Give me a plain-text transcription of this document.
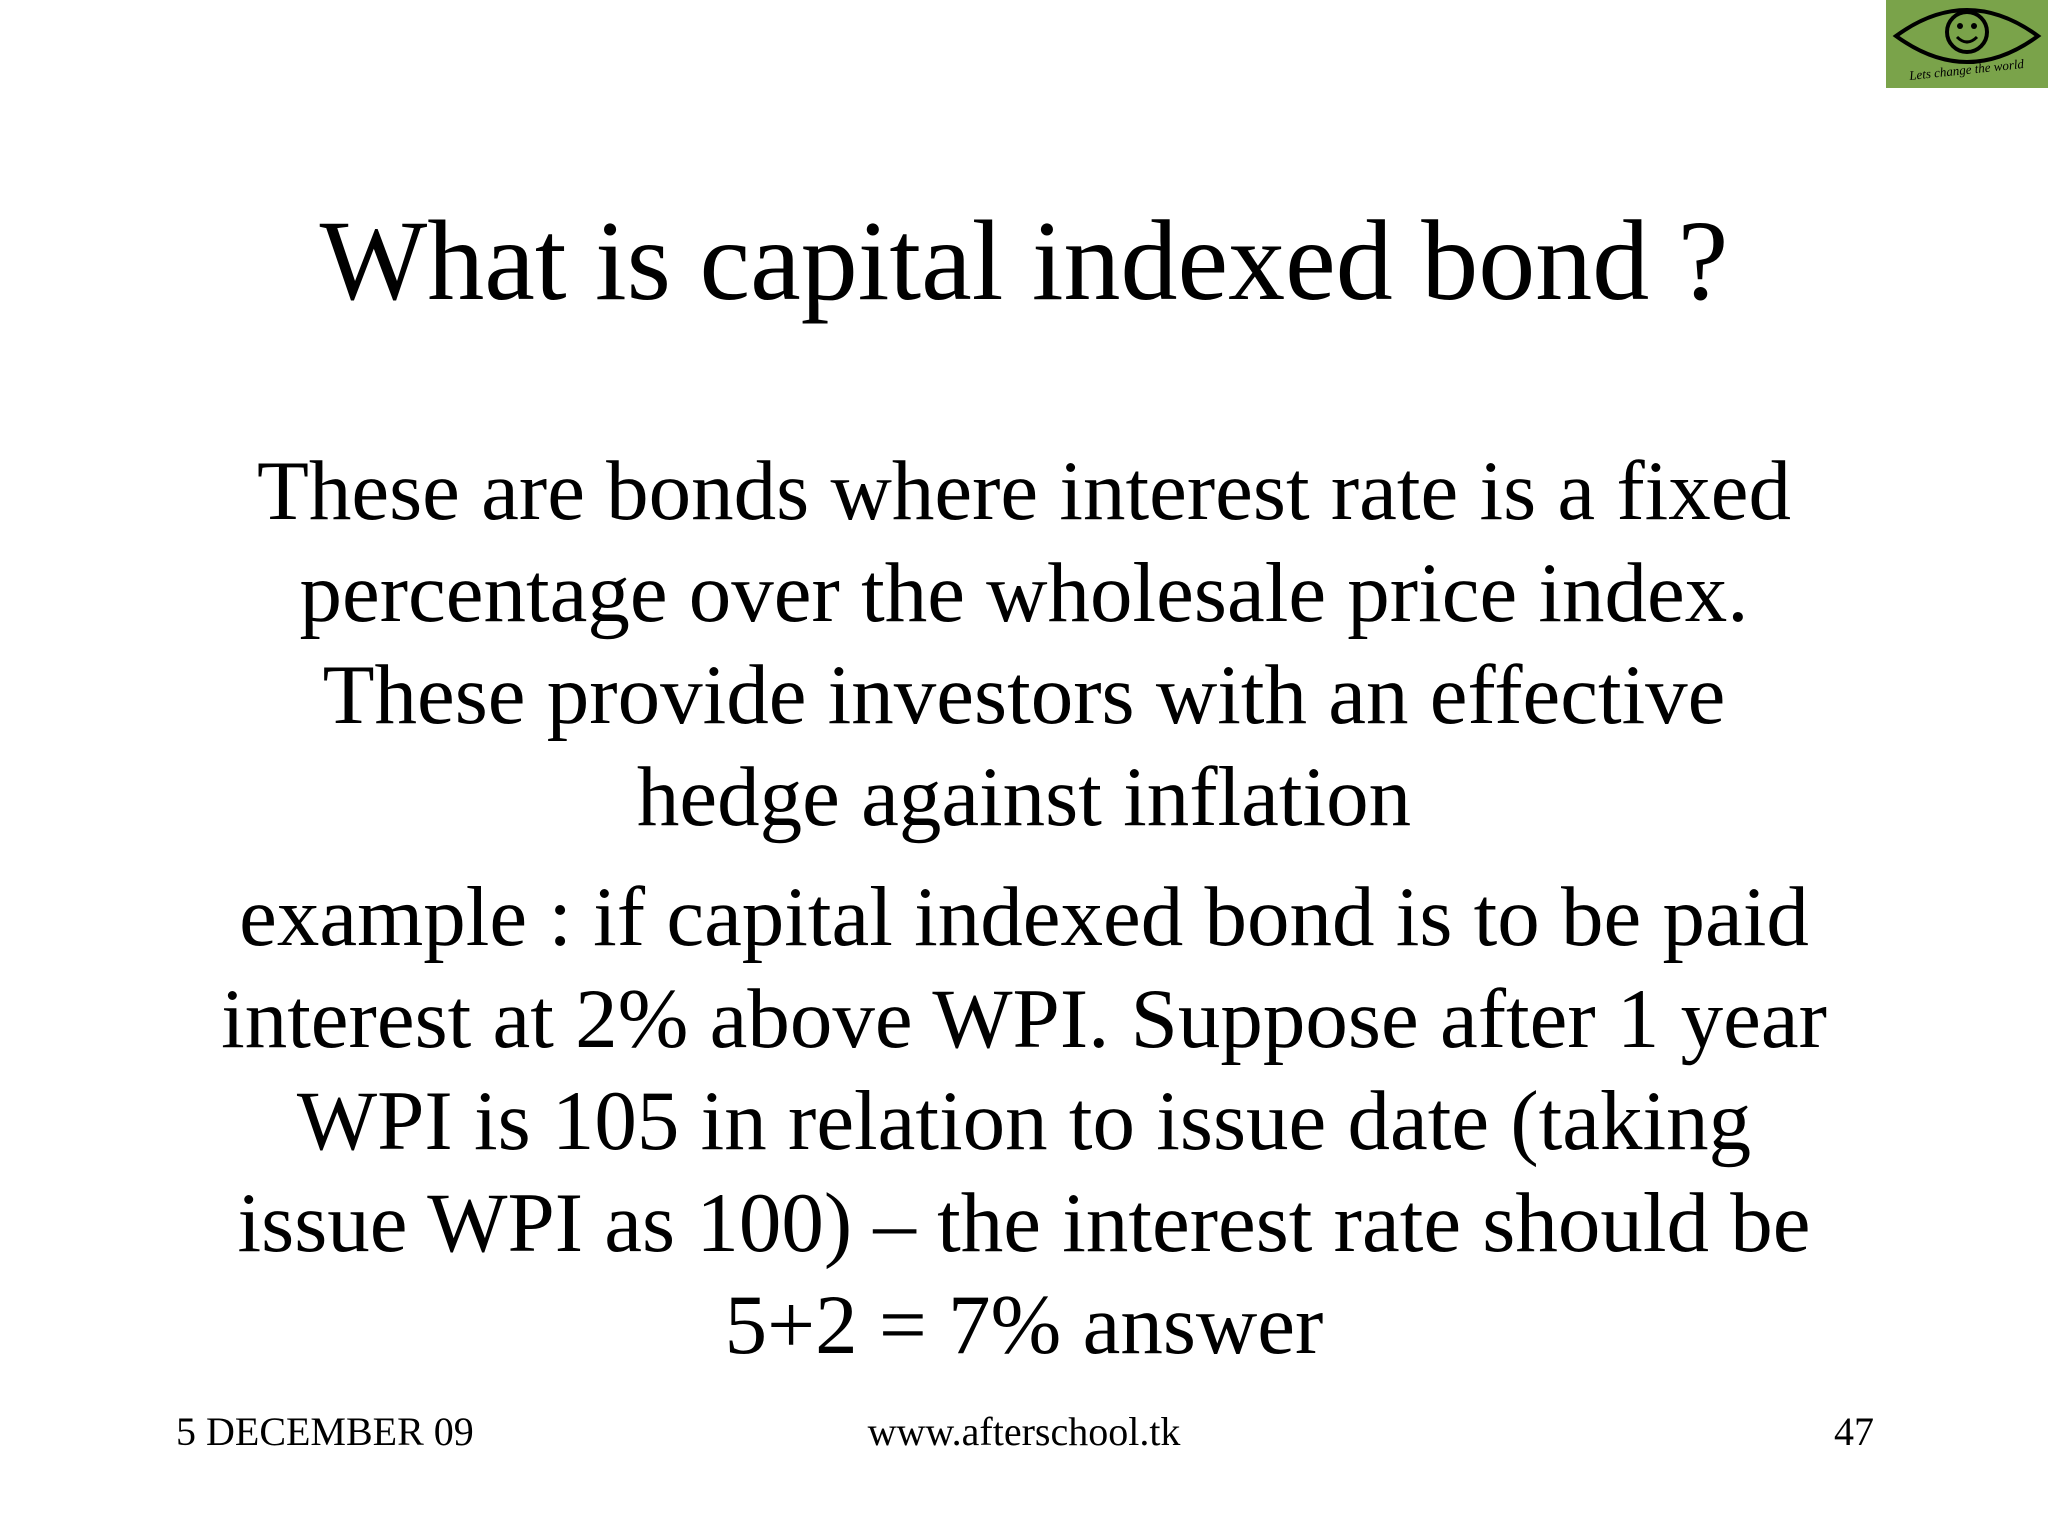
Lets change the world
What is capital indexed bond ?
These are bonds where interest rate is a fixed
percentage over the wholesale price index.
These provide investors with an effective
hedge against inflation
example : if capital indexed bond is to be paid
interest at 2% above WPI. Suppose after 1 year
WPI is 105 in relation to issue date (taking
issue WPI as 100) – the interest rate should be
5+2 = 7% answer
5 DECEMBER 09	www.afterschool.tk	47
